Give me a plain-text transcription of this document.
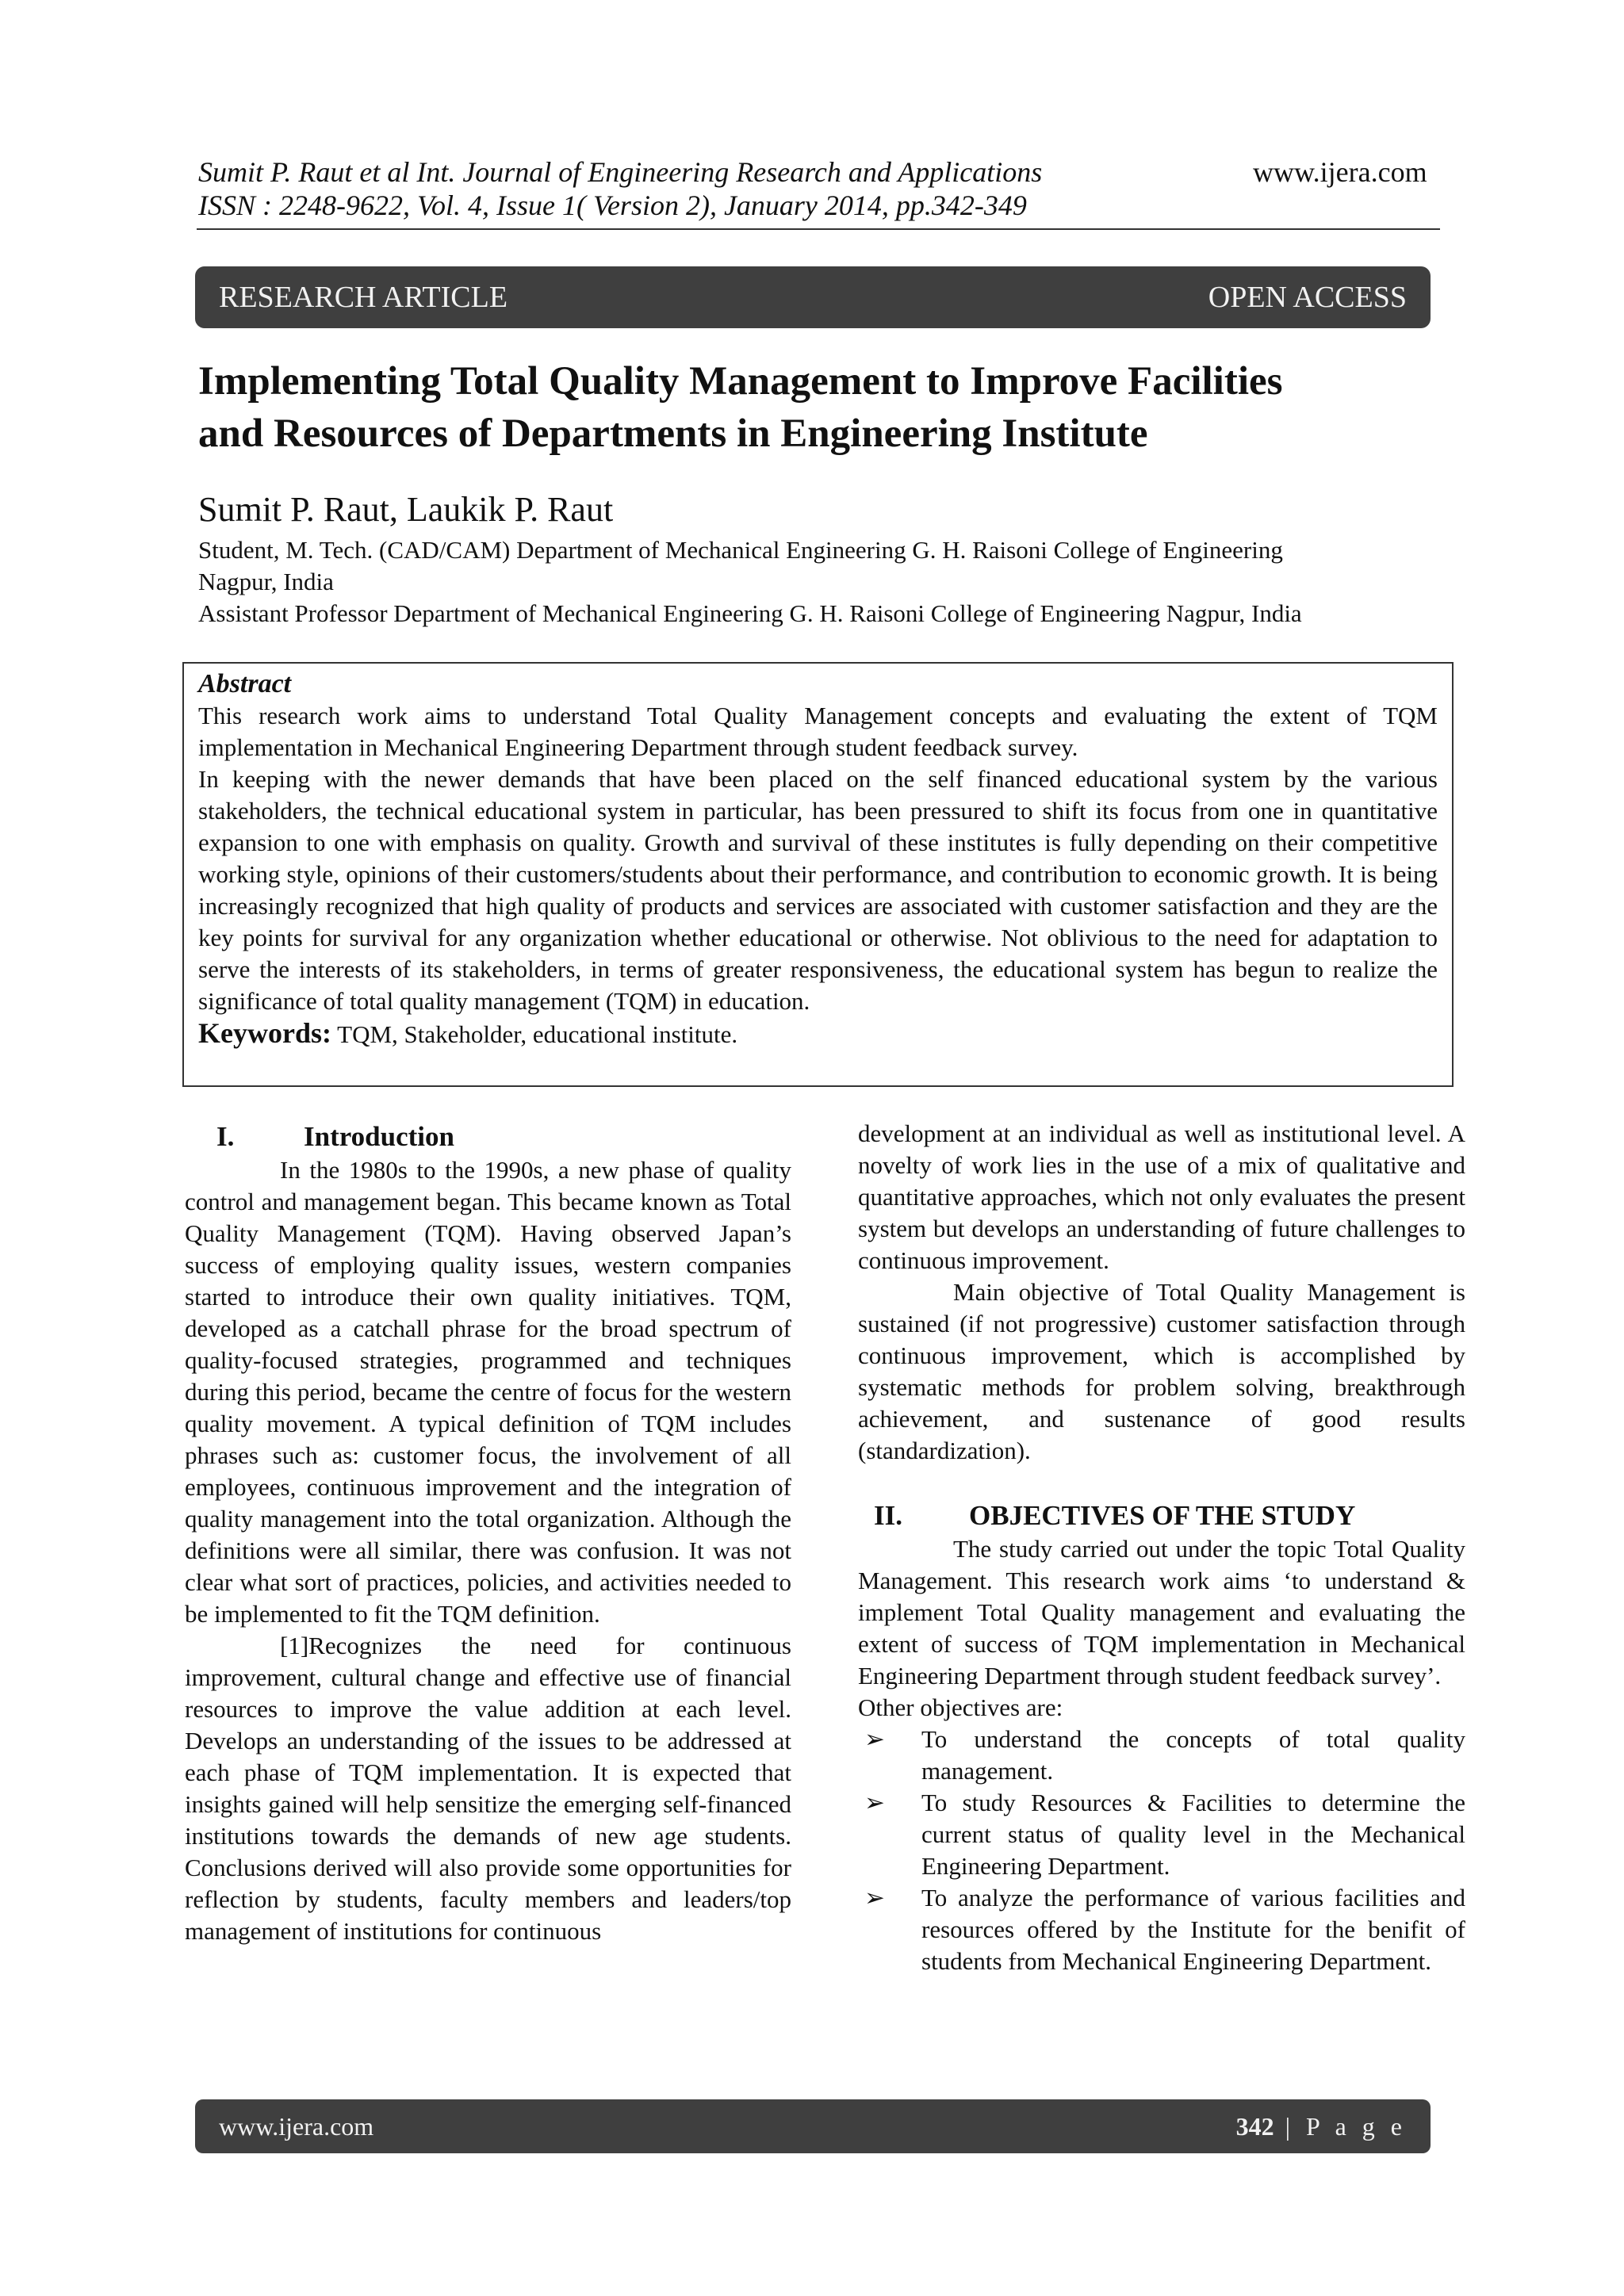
Sumit P. Raut et al Int. Journal of Engineering Research and Applications
ISSN : 2248-9622, Vol. 4, Issue 1( Version 2), January 2014, pp.342-349
www.ijera.com
RESEARCH ARTICLE	OPEN ACCESS
Implementing Total Quality Management to Improve Facilities
and Resources of Departments in Engineering Institute
Sumit P. Raut, Laukik P. Raut
Student, M. Tech. (CAD/CAM) Department of Mechanical Engineering G. H. Raisoni College of Engineering
Nagpur, India
Assistant Professor Department of Mechanical Engineering G. H. Raisoni College of Engineering Nagpur, India
Abstract

This research work aims to understand Total Quality Management concepts and evaluating the extent of TQM implementation in Mechanical Engineering Department through student feedback survey.

In keeping with the newer demands that have been placed on the self financed educational system by the various stakeholders, the technical educational system in particular, has been pressured to shift its focus from one in quantitative expansion to one with emphasis on quality. Growth and survival of these institutes is fully depending on their competitive working style, opinions of their customers/students about their performance, and contribution to economic growth. It is being increasingly recognized that high quality of products and services are associated with customer satisfaction and they are the key points for survival for any organization whether educational or otherwise. Not oblivious to the need for adaptation to serve the interests of its stakeholders, in terms of greater responsiveness, the educational system has begun to realize the significance of total quality management (TQM) in education.

Keywords: TQM, Stakeholder, educational institute.
I.	Introduction

In the 1980s to the 1990s, a new phase of quality control and management began. This became known as Total Quality Management (TQM). Having observed Japan’s success of employing quality issues, western companies started to introduce their own quality initiatives. TQM, developed as a catchall phrase for the broad spectrum of quality-focused strategies, programmed and techniques during this period, became the centre of focus for the western quality movement. A typical definition of TQM includes phrases such as: customer focus, the involvement of all employees, continuous improvement and the integration of quality management into the total organization. Although the definitions were all similar, there was confusion. It was not clear what sort of practices, policies, and activities needed to be implemented to fit the TQM definition.

[1]Recognizes the need for continuous improvement, cultural change and effective use of financial resources to improve the value addition at each level. Develops an understanding of the issues to be addressed at each phase of TQM implementation. It is expected that insights gained will help sensitize the emerging self-financed institutions towards the demands of new age students. Conclusions derived will also provide some opportunities for reflection by students, faculty members and leaders/top management of institutions for continuous

development at an individual as well as institutional level. A novelty of work lies in the use of a mix of qualitative and quantitative approaches, which not only evaluates the present system but develops an understanding of future challenges to continuous improvement.

Main objective of Total Quality Management is sustained (if not progressive) customer satisfaction through continuous improvement, which is accomplished by systematic methods for problem solving, breakthrough achievement, and sustenance of good results (standardization).

II.	OBJECTIVES OF THE STUDY

The study carried out under the topic Total Quality Management. This research work aims ‘to understand & implement Total Quality management and evaluating the extent of success of TQM implementation in Mechanical Engineering Department through student feedback survey’.

Other objectives are:

➢	To understand the concepts of total quality management.

➢	To study Resources & Facilities to determine the current status of quality level in the Mechanical Engineering Department.

➢	To analyze the performance of various facilities and resources offered by the Institute for the benifit of students from Mechanical Engineering Department.

www.ijera.com	342 | P a g e
